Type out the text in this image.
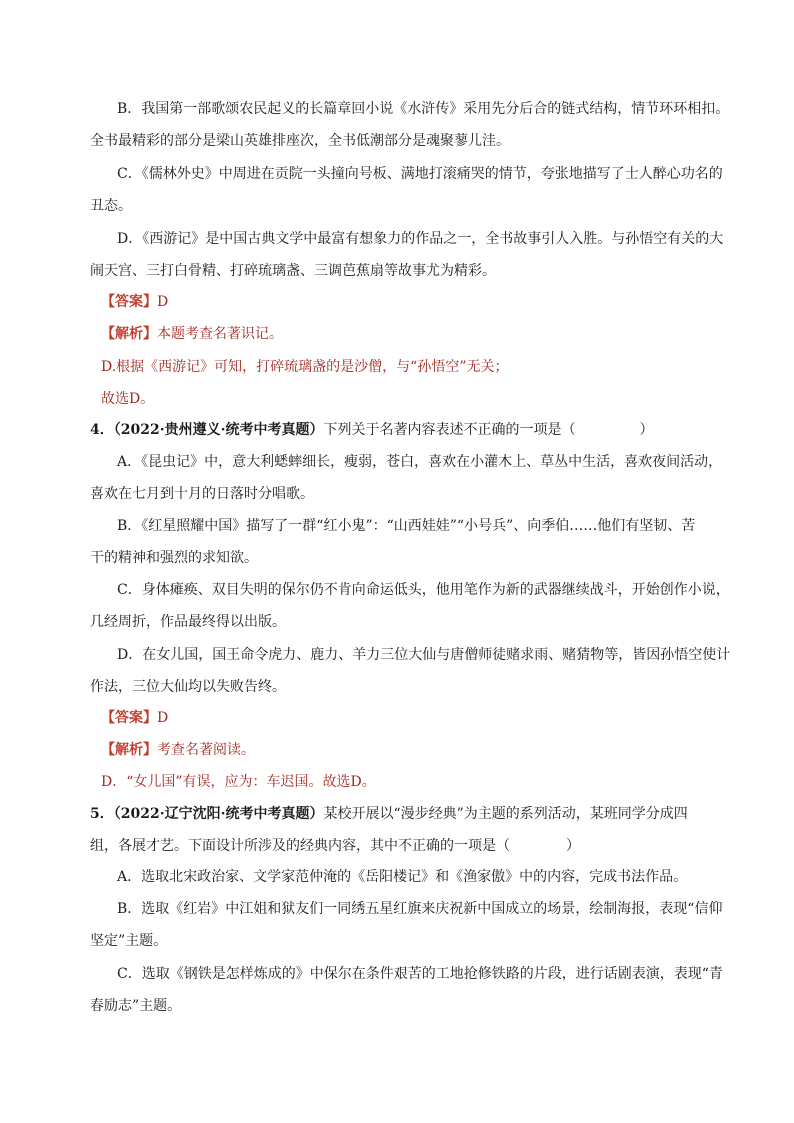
B．我国第一部歌颂农民起义的长篇章回小说《水浒传》采用先分后合的链式结构，情节环环相扣。
全书最精彩的部分是梁山英雄排座次，全书低潮部分是魂聚蓼儿洼。
C．《儒林外史》中周进在贡院一头撞向号板、满地打滚痛哭的情节，夸张地描写了士人醉心功名的
丑态。
D．《西游记》是中国古典文学中最富有想象力的作品之一，全书故事引人入胜。与孙悟空有关的大
闹天宫、三打白骨精、打碎琉璃盏、三调芭蕉扇等故事尤为精彩。
【答案】D
【解析】本题考查名著识记。
D.根据《西游记》可知，打碎琉璃盏的是沙僧，与“孙悟空”无关；
故选D。
4．（2022·贵州遵义·统考中考真题）下列关于名著内容表述不正确的一项是（	）
A．《昆虫记》中，意大利蟋蟀细长，瘦弱，苍白，喜欢在小灌木上、草丛中生活，喜欢夜间活动，
喜欢在七月到十月的日落时分唱歌。
B．《红星照耀中国》描写了一群“红小鬼”：“山西娃娃”“小号兵”、向季伯……他们有坚韧、苦
干的精神和强烈的求知欲。
C．身体瘫痪、双目失明的保尔仍不肯向命运低头，他用笔作为新的武器继续战斗，开始创作小说，
几经周折，作品最终得以出版。
D．在女儿国，国王命令虎力、鹿力、羊力三位大仙与唐僧师徒赌求雨、赌猜物等，皆因孙悟空使计
作法，三位大仙均以失败告终。
【答案】D
【解析】考查名著阅读。
D．“女儿国”有误，应为：车迟国。故选D。
5．（2022·辽宁沈阳·统考中考真题）某校开展以“漫步经典”为主题的系列活动，某班同学分成四
组，各展才艺。下面设计所涉及的经典内容，其中不正确的一项是（	）
A．选取北宋政治家、文学家范仲淹的《岳阳楼记》和《渔家傲》中的内容，完成书法作品。
B．选取《红岩》中江姐和狱友们一同绣五星红旗来庆祝新中国成立的场景，绘制海报，表现“信仰
坚定”主题。
C．选取《钢铁是怎样炼成的》中保尔在条件艰苦的工地抢修铁路的片段，进行话剧表演，表现“青
春励志”主题。
